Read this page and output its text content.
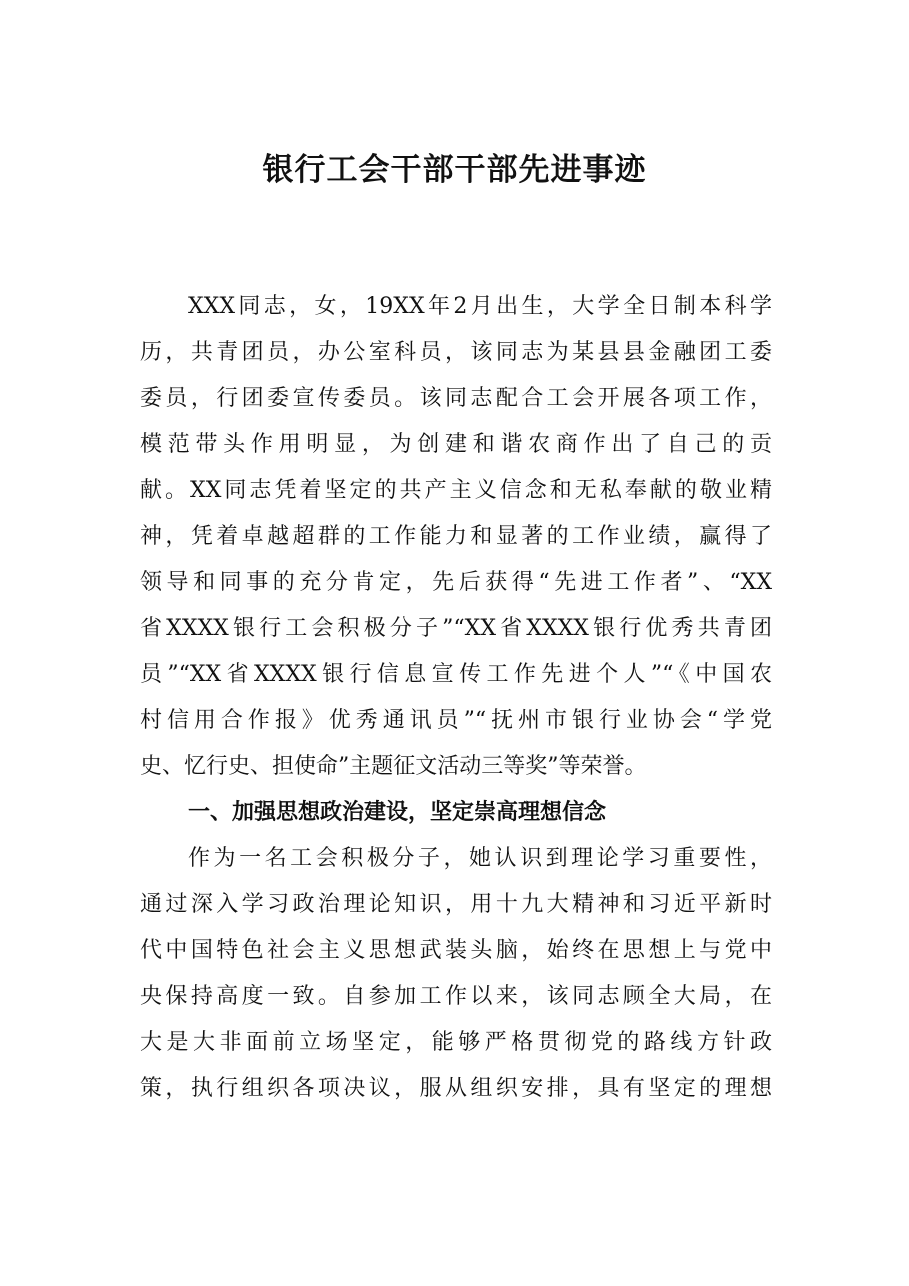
银行工会干部干部先进事迹
XXX同志，女，19XX年2月出生，大学全日制本科学
历，共青团员，办公室科员，该同志为某县县金融团工委
委员，行团委宣传委员。该同志配合工会开展各项工作，
模范带头作用明显，为创建和谐农商作出了自己的贡
献。XX同志凭着坚定的共产主义信念和无私奉献的敬业精
神，凭着卓越超群的工作能力和显著的工作业绩，赢得了
领导和同事的充分肯定，先后获得“先进工作者”、“XX
省XXXX银行工会积极分子”“XX省XXXX银行优秀共青团
员”“XX省XXXX银行信息宣传工作先进个人”“《中国农
村信用合作报》优秀通讯员”“抚州市银行业协会“学党
史、忆行史、担使命”主题征文活动三等奖”等荣誉。
一、加强思想政治建设，坚定崇高理想信念
作为一名工会积极分子，她认识到理论学习重要性，
通过深入学习政治理论知识，用十九大精神和习近平新时
代中国特色社会主义思想武装头脑，始终在思想上与党中
央保持高度一致。自参加工作以来，该同志顾全大局，在
大是大非面前立场坚定，能够严格贯彻党的路线方针政
策，执行组织各项决议，服从组织安排，具有坚定的理想
